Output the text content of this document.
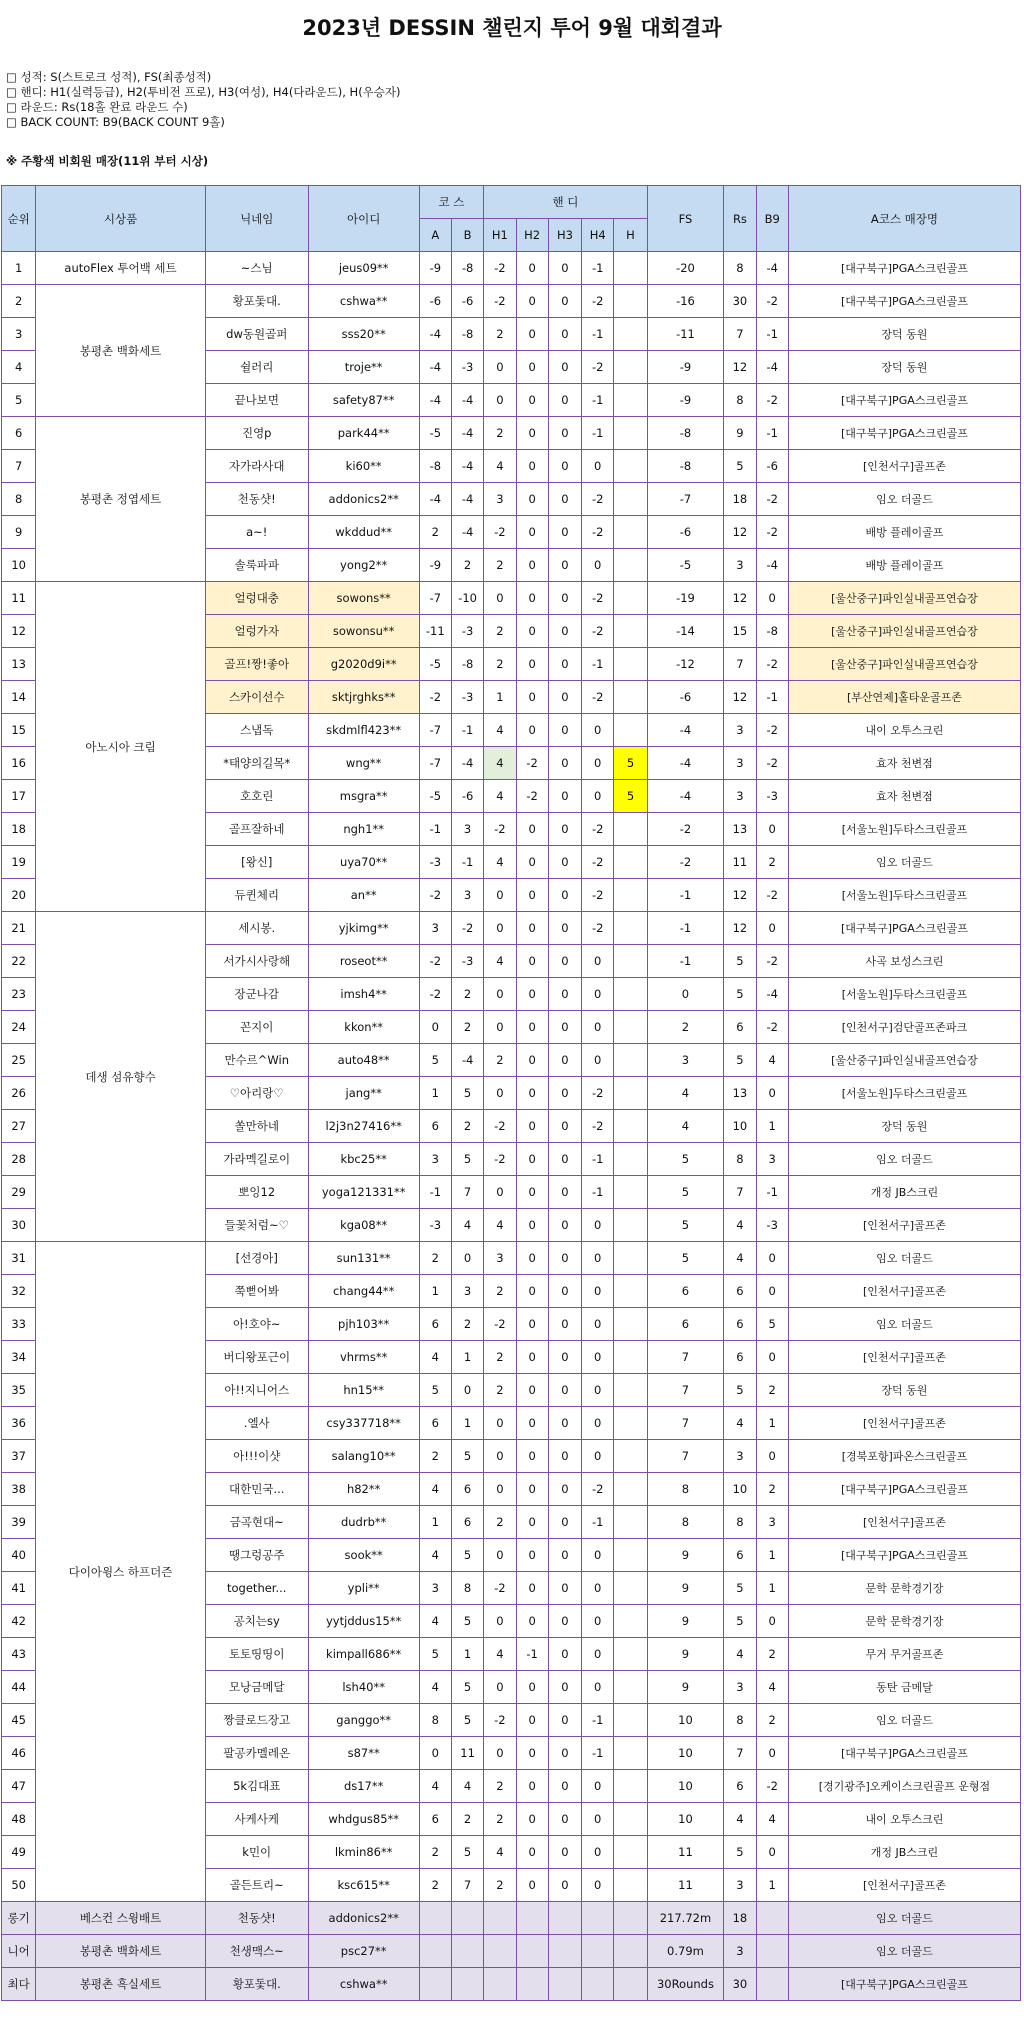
2023년 DESSIN 챌린지 투어 9월 대회결과
□ 성적: S(스트로크 성적), FS(최종성적)
□ 핸디: H1(실력등급), H2(투비전 프로), H3(여성), H4(다라운드), H(우승자)
□ 라운드: Rs(18홀 완료 라운드 수)
□ BACK COUNT: B9(BACK COUNT 9홀)
※ 주황색 비회원 매장(11위 부터 시상)
순위	시상품	닉네임	아이디	코 스		핸 디					FS	Rs	B9	A코스 매장명
				A	B	H1	H2	H3	H4	H				
1	autoFlex 투어백 세트	~스님	jeus09**	-9	-8	-2	0	0	-1		-20	8	-4	[대구북구]PGA스크린골프
2	봉평촌 백화세트	황포돛대.	cshwa**	-6	-6	-2	0	0	-2		-16	30	-2	[대구북구]PGA스크린골프
3		dw동원골퍼	sss20**	-4	-8	2	0	0	-1		-11	7	-1	장덕 동원
4		쉴러리	troje**	-4	-3	0	0	0	-2		-9	12	-4	장덕 동원
5		끝나보면	safety87**	-4	-4	0	0	0	-1		-9	8	-2	[대구북구]PGA스크린골프
6	봉평촌 정엽세트	진영p	park44**	-5	-4	2	0	0	-1		-8	9	-1	[대구북구]PGA스크린골프
7		자가라사대	ki60**	-8	-4	4	0	0	0		-8	5	-6	[인천서구]골프존
8		천동샷!	addonics2**	-4	-4	3	0	0	-2		-7	18	-2	임오 더골드
9		a~!	wkddud**	2	-4	-2	0	0	-2		-6	12	-2	배방 플레이골프
10		솔룩파파	yong2**	-9	2	2	0	0	0		-5	3	-4	배방 플레이골프
11	아노시아 크림	얼렁대충	sowons**	-7	-10	0	0	0	-2		-19	12	0	[울산중구]파인실내골프연습장
12		얼렁가자	sowonsu**	-11	-3	2	0	0	-2		-14	15	-8	[울산중구]파인실내골프연습장
13		골프!짱!좋아	g2020d9i**	-5	-8	2	0	0	-1		-12	7	-2	[울산중구]파인실내골프연습장
14		스카이선수	sktjrghks**	-2	-3	1	0	0	-2		-6	12	-1	[부산연제]홀타운골프존
15		스냅독	skdmlfl423**	-7	-1	4	0	0	0		-4	3	-2	내이 오투스크린
16		*태양의길목*	wng**	-7	-4	4	-2	0	0	5	-4	3	-2	효자 천변점
17		호호린	msgra**	-5	-6	4	-2	0	0	5	-4	3	-3	효자 천변점
18		골프잘하네	ngh1**	-1	3	-2	0	0	-2		-2	13	0	[서울노원]두타스크린골프
19		[왕신]	uya70**	-3	-1	4	0	0	-2		-2	11	2	임오 더골드
20		듀퀸체리	an**	-2	3	0	0	0	-2		-1	12	-2	[서울노원]두타스크린골프
21	데생 섬유향수	세시봉.	yjkimg**	3	-2	0	0	0	-2		-1	12	0	[대구북구]PGA스크린골프
22		서가시사랑해	roseot**	-2	-3	4	0	0	0		-1	5	-2	사곡 보성스크린
23		장군나감	imsh4**	-2	2	0	0	0	0		0	5	-4	[서울노원]두타스크린골프
24		꼰지이	kkon**	0	2	0	0	0	0		2	6	-2	[인천서구]검단골프존파크
25		만수르^Win	auto48**	5	-4	2	0	0	0		3	5	4	[울산중구]파인실내골프연습장
26		♡아리랑♡	jang**	1	5	0	0	0	-2		4	13	0	[서울노원]두타스크린골프
27		쏠만하네	l2j3n27416**	6	2	-2	0	0	-2		4	10	1	장덕 동원
28		가라멕길로이	kbc25**	3	5	-2	0	0	-1		5	8	3	임오 더골드
29		뽀잉12	yoga121331**	-1	7	0	0	0	-1		5	7	-1	개정 JB스크린
30		들꽃처럼~♡	kga08**	-3	4	4	0	0	0		5	4	-3	[인천서구]골프존
31	다이아윙스 하프더즌	[선경아]	sun131**	2	0	3	0	0	0		5	4	0	임오 더골드
32		쭉뻗어봐	chang44**	1	3	2	0	0	0		6	6	0	[인천서구]골프존
33		아!호야~	pjh103**	6	2	-2	0	0	0		6	6	5	임오 더골드
34		버디왕포근이	vhrms**	4	1	2	0	0	0		7	6	0	[인천서구]골프존
35		아!!지니어스	hn15**	5	0	2	0	0	0		7	5	2	장덕 동원
36		.엘사	csy337718**	6	1	0	0	0	0		7	4	1	[인천서구]골프존
37		아!!!이샷	salang10**	2	5	0	0	0	0		7	3	0	[경북포항]파온스크린골프
38		대한민국...	h82**	4	6	0	0	0	-2		8	10	2	[대구북구]PGA스크린골프
39		금곡현대~	dudrb**	1	6	2	0	0	-1		8	8	3	[인천서구]골프존
40		땡그렁공주	sook**	4	5	0	0	0	0		9	6	1	[대구북구]PGA스크린골프
41		together...	ypli**	3	8	-2	0	0	0		9	5	1	문학 문학경기장
42		공치는sy	yytjddus15**	4	5	0	0	0	0		9	5	0	문학 문학경기장
43		토토띵띵이	kimpall686**	5	1	4	-1	0	0		9	4	2	무거 무거골프존
44		모낭금메달	lsh40**	4	5	0	0	0	0		9	3	4	동탄 금메달
45		짱클로드장고	ganggo**	8	5	-2	0	0	-1		10	8	2	임오 더골드
46		팔공카멜레온	s87**	0	11	0	0	0	-1		10	7	0	[대구북구]PGA스크린골프
47		5k김대표	ds17**	4	4	2	0	0	0		10	6	-2	[경기광주]오케이스크린골프 운형점
48		사케사케	whdgus85**	6	2	2	0	0	0		10	4	4	내이 오투스크린
49		k민이	lkmin86**	2	5	4	0	0	0		11	5	0	개정 JB스크린
50		골든트리~	ksc615**	2	7	2	0	0	0		11	3	1	[인천서구]골프존
롱기	베스컨 스윙배트	천동샷!	addonics2**								217.72m	18		임오 더골드
니어	봉평촌 백화세트	천생맥스~	psc27**								0.79m	3		임오 더골드
최다	봉평촌 흑실세트	황포돛대.	cshwa**								30Rounds	30		[대구북구]PGA스크린골프
